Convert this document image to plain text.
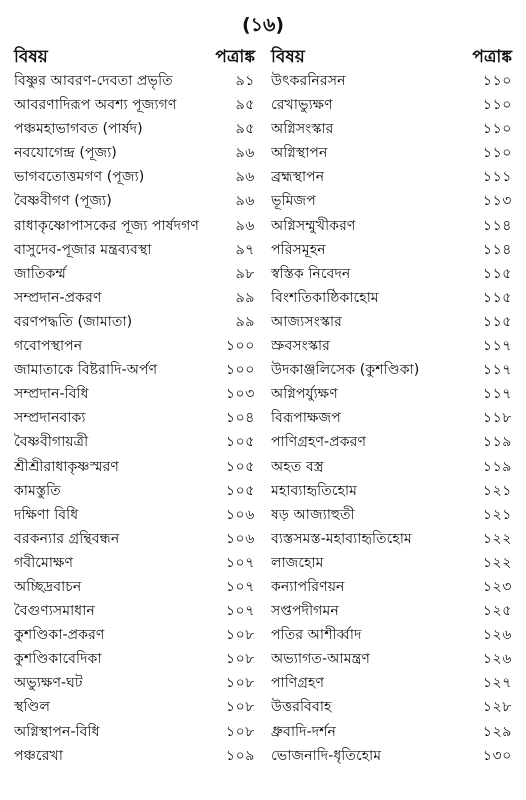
(১৬)
বিষয়	পত্রাঙ্ক
বিষ্ণুর আবরণ-দেবতা প্রভৃতি	৯১
আবরণাদিরূপ অবশ্য পূজ্যগণ	৯৫
পঞ্চমহাভাগবত (পার্ষদ)	৯৫
নবযোগেন্দ্র (পূজ্য)	৯৬
ভাগবতোত্তমগণ (পূজ্য)	৯৬
বৈষ্ণবীগণ (পূজ্য)	৯৬
রাধাকৃষ্ণোপাসকের পূজ্য পার্ষদগণ	৯৬
বাসুদেব-পূজার মন্ত্রব্যবস্থা	৯৭
জাতিকর্ম্ম	৯৮
সম্প্রদান-প্রকরণ	৯৯
বরণপদ্ধতি (জামাতা)	৯৯
গবোপস্থাপন	১০০
জামাতাকে বিষ্টরাদি-অর্পণ	১০০
সম্প্রদান-বিধি	১০৩
সম্প্রদানবাক্য	১০৪
বৈষ্ণবীগায়ত্রী	১০৫
শ্রীশ্রীরাধাকৃষ্ণস্মরণ	১০৫
কামস্তুতি	১০৫
দক্ষিণা বিধি	১০৬
বরকন্যার গ্রন্থিবন্ধন	১০৬
গবীমোক্ষণ	১০৭
অচ্ছিদ্রবাচন	১০৭
বৈগুণ্যসমাধান	১০৭
কুশণ্ডিকা-প্রকরণ	১০৮
কুশণ্ডিকাবেদিকা	১০৮
অভ্যুক্ষণ-ঘট	১০৮
স্থণ্ডিল	১০৮
অগ্নিস্থাপন-বিধি	১০৮
পঞ্চরেখা	১০৯
বিষয়	পত্রাঙ্ক
উৎকরনিরসন	১১০
রেখাভ্যুক্ষণ	১১০
অগ্নিসংস্কার	১১০
অগ্নিস্থাপন	১১০
ব্রহ্মস্থাপন	১১১
ভূমিজপ	১১৩
অগ্নিসম্মুখীকরণ	১১৪
পরিসমূহন	১১৪
স্বস্তিক নিবেদন	১১৫
বিংশতিকাষ্ঠিকাহোম	১১৫
আজ্যসংস্কার	১১৫
স্রুবসংস্কার	১১৭
উদকাঞ্জলিসেক (কুশণ্ডিকা)	১১৭
অগ্নিপর্য্যুক্ষণ	১১৭
বিরূপাক্ষজপ	১১৮
পাণিগ্রহণ-প্রকরণ	১১৯
অহত বস্ত্র	১১৯
মহাব্যাহৃতিহোম	১২১
ষড় আজ্যাহুতী	১২১
ব্যস্তসমস্ত-মহাব্যাহৃতিহোম	১২২
লাজহোম	১২২
কন্যাপরিণয়ন	১২৩
সপ্তপদীগমন	১২৫
পতির আশীর্ব্বাদ	১২৬
অভ্যাগত-আমন্ত্রণ	১২৬
পাণিগ্রহণ	১২৭
উত্তরবিবাহ	১২৮
ধ্রুবাদি-দর্শন	১২৯
ভোজনাদি-ধৃতিহোম	১৩০
